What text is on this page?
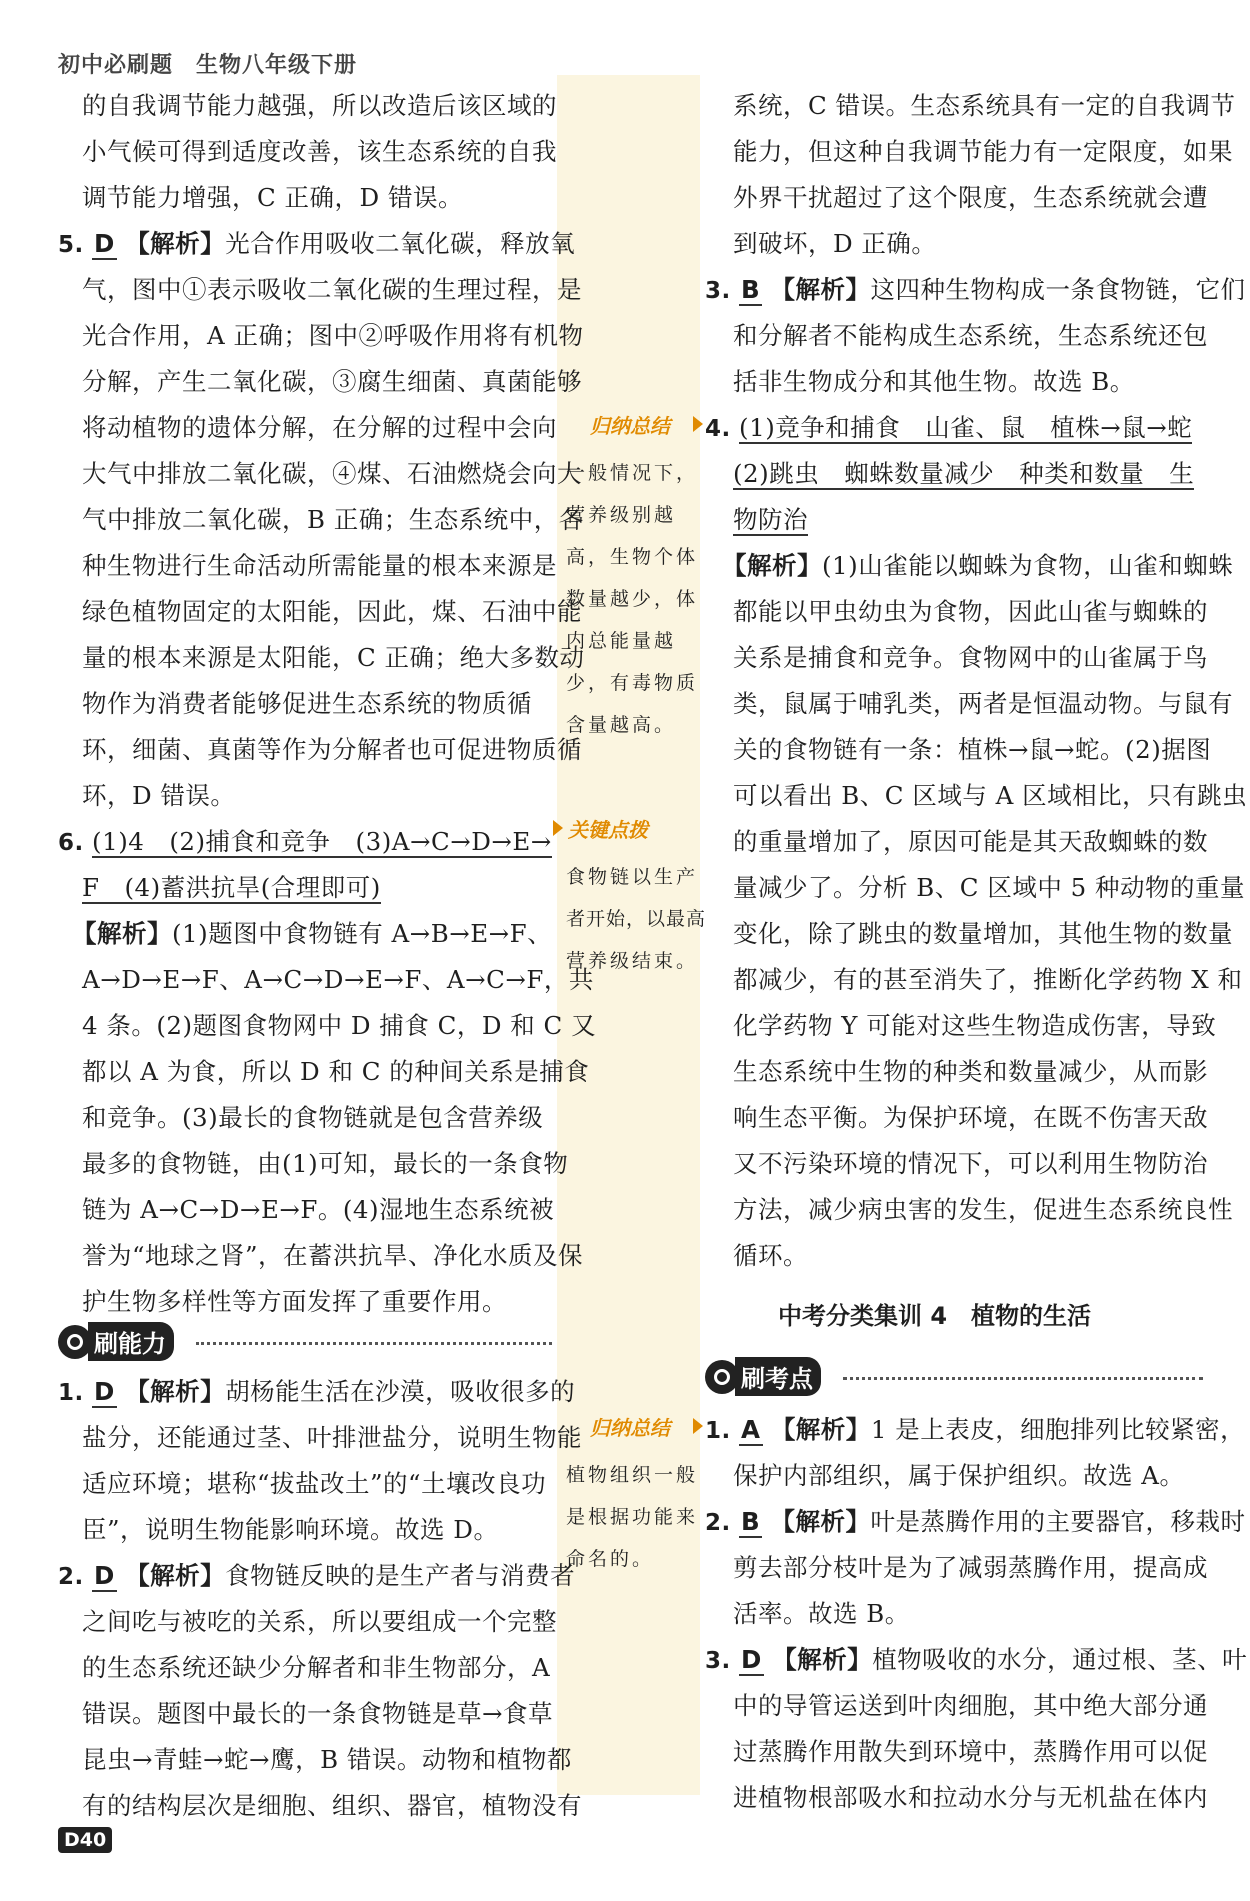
初中必刷题　生物八年级下册
归纳总结
一般情况下，
营养级别越
高，生物个体
数量越少，体
内总能量越
少，有毒物质
含量越高。
关键点拨
食物链以生产
者开始，以最高
营养级结束。
归纳总结
植物组织一般
是根据功能来
命名的。
的自我调节能力越强，所以改造后该区域的
小气候可得到适度改善，该生态系统的自我
调节能力增强，C 正确，D 错误。
5. D 【解析】光合作用吸收二氧化碳，释放氧
气，图中①表示吸收二氧化碳的生理过程，是
光合作用，A 正确；图中②呼吸作用将有机物
分解，产生二氧化碳，③腐生细菌、真菌能够
将动植物的遗体分解，在分解的过程中会向
大气中排放二氧化碳，④煤、石油燃烧会向大
气中排放二氧化碳，B 正确；生态系统中，各
种生物进行生命活动所需能量的根本来源是
绿色植物固定的太阳能，因此，煤、石油中能
量的根本来源是太阳能，C 正确；绝大多数动
物作为消费者能够促进生态系统的物质循
环，细菌、真菌等作为分解者也可促进物质循
环，D 错误。
6. (1)4　(2)捕食和竞争　(3)A→C→D→E→
F　(4)蓄洪抗旱(合理即可)
【解析】(1)题图中食物链有 A→B→E→F、
A→D→E→F、A→C→D→E→F、A→C→F，共
4 条。(2)题图食物网中 D 捕食 C，D 和 C 又
都以 A 为食，所以 D 和 C 的种间关系是捕食
和竞争。(3)最长的食物链就是包含营养级
最多的食物链，由(1)可知，最长的一条食物
链为 A→C→D→E→F。(4)湿地生态系统被
誉为“地球之肾”，在蓄洪抗旱、净化水质及保
护生物多样性等方面发挥了重要作用。
刷能力
1. D 【解析】胡杨能生活在沙漠，吸收很多的
盐分，还能通过茎、叶排泄盐分，说明生物能
适应环境；堪称“拔盐改土”的“土壤改良功
臣”，说明生物能影响环境。故选 D。
2. D 【解析】食物链反映的是生产者与消费者
之间吃与被吃的关系，所以要组成一个完整
的生态系统还缺少分解者和非生物部分，A
错误。题图中最长的一条食物链是草→食草
昆虫→青蛙→蛇→鹰，B 错误。动物和植物都
有的结构层次是细胞、组织、器官，植物没有
系统，C 错误。生态系统具有一定的自我调节
能力，但这种自我调节能力有一定限度，如果
外界干扰超过了这个限度，生态系统就会遭
到破坏，D 正确。
3. B 【解析】这四种生物构成一条食物链，它们
和分解者不能构成生态系统，生态系统还包
括非生物成分和其他生物。故选 B。
4. (1)竞争和捕食　山雀、鼠　植株→鼠→蛇
(2)跳虫　蜘蛛数量减少　种类和数量　生
物防治
【解析】(1)山雀能以蜘蛛为食物，山雀和蜘蛛
都能以甲虫幼虫为食物，因此山雀与蜘蛛的
关系是捕食和竞争。食物网中的山雀属于鸟
类，鼠属于哺乳类，两者是恒温动物。与鼠有
关的食物链有一条：植株→鼠→蛇。(2)据图
可以看出 B、C 区域与 A 区域相比，只有跳虫
的重量增加了，原因可能是其天敌蜘蛛的数
量减少了。分析 B、C 区域中 5 种动物的重量
变化，除了跳虫的数量增加，其他生物的数量
都减少，有的甚至消失了，推断化学药物 X 和
化学药物 Y 可能对这些生物造成伤害，导致
生态系统中生物的种类和数量减少，从而影
响生态平衡。为保护环境，在既不伤害天敌
又不污染环境的情况下，可以利用生物防治
方法，减少病虫害的发生，促进生态系统良性
循环。
中考分类集训 4　植物的生活
刷考点
1. A 【解析】1 是上表皮，细胞排列比较紧密，
保护内部组织，属于保护组织。故选 A。
2. B 【解析】叶是蒸腾作用的主要器官，移栽时
剪去部分枝叶是为了减弱蒸腾作用，提高成
活率。故选 B。
3. D 【解析】植物吸收的水分，通过根、茎、叶
中的导管运送到叶肉细胞，其中绝大部分通
过蒸腾作用散失到环境中，蒸腾作用可以促
进植物根部吸水和拉动水分与无机盐在体内
D40
